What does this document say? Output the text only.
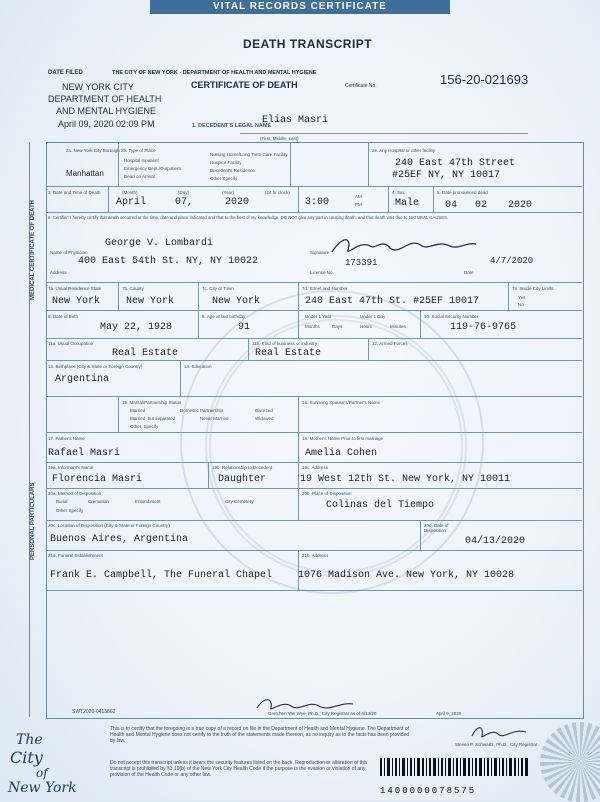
VITAL RECORDS CERTIFICATE
DEATH TRANSCRIPT
DATE FILED	THE CITY OF NEW YORK - DEPARTMENT OF HEALTH AND MENTAL HYGIENE
CERTIFICATE OF DEATH	Certificate No.	156-20-021693
NEW YORK CITY
DEPARTMENT OF HEALTH
AND MENTAL HYGIENE
April 09, 2020 02:09 PM	1. DECEDENT'S LEGAL NAME
Elias Masri
(First, Middle, Last)
MEDICAL CERTIFICATE OF DEATH
PERSONAL PARTICULARS
2a. New York City Borough
Manhattan
2b. Type of Place
Hospital Inpatient
Emergency Dept./Outpatient
Dead on Arrival
Nursing Home/Long Term Care Facility
Hospice Facility
Decedent's Residence
Other Specify
2e. Any Hospital or other facility
240 East 47th Street
#25EF NY, NY 10017
3. Date and Time of Death	(Month)	(Day)	(Year)	(24 hr clock)
April	07,	2020	3:00
AM
PM
4. Sex
Male
5. Date pronounced dead
04 02 2020
6. Certifier: I hereby certify that death occurred at the time, date and place indicated and that to the best of my knowledge. DO NOT give any part in causing death, and that death was due to NATURAL CAUSES.
George V. Lombardi
Name of Physician
400 East 54th St. NY, NY 10022
Address
Signature
173391
License No.	Date
4/7/2020
7a. Usual Residence State
New York
7b. County
New York
7c. City or Town
New York
7d. Street and Number
240 East 47th St. #25EF 10017
7e. Inside City Limits
Yes
No
8. Date of Birth
May 22, 1928
9. Age at last birthday
91
Under 1 Year	Under 1 Day
Months	Days	Hours	Minutes
10. Social Security Number
119-76-9765
11a. Usual Occupation
Real Estate
11b. Kind of business or industry
Real Estate
12. Armed Forces
13. Birthplace (City & State or Foreign Country)
Argentina
14. Education
15. Marital/Partnership Status
Married	Domestic Partnership	Divorced
Married, but separated	Never Married	Widowed
Other, Specify
16. Surviving Spouse's/Partner's Name
17. Father's Name
Rafael Masri
18. Mother's Name Prior to first marriage
Amelia Cohen
19a. Informant's Name
Florencia Masri
19b. Relationship to Decedent
Daughter
19c. Address
19 West 12th St. New York, NY 10011
20a. Method of Disposition
Burial	Cremation	Entombment	City Cemetery
Other Specify
20b. Place of Disposition
Colinas del Tiempo
20c. Location of Disposition (City & State or Foreign Country)
Buenos Aires, Argentina
20d. Date of Disposition
04/13/2020
21a. Funeral Establishment
Frank E. Campbell, The Funeral Chapel
21b. Address
1076 Madison Ave. New York, NY 10028
SWT2020-0413862	Gretchen Van Wye, Ph.D., City Registrar as of 4/13/20	April 9, 2020
This is to certify that the foregoing is a true copy of a record on file in the Department of Health and Mental Hygiene. The Department of Health and Mental Hygiene does not certify to the truth of the statements made thereon, as no inquiry as to the facts has been provided by law.
Steven P. Schwartz, Ph.D., City Registrar
Do not accept this transcript unless it bears the security features listed on the back. Reproduction or alteration of this transcript is prohibited by §3.19(b) of the New York City Health Code if the purpose is the evasion or violation of any provision of the Health Code or any other law.
1400000078575
The
City
of
New York
